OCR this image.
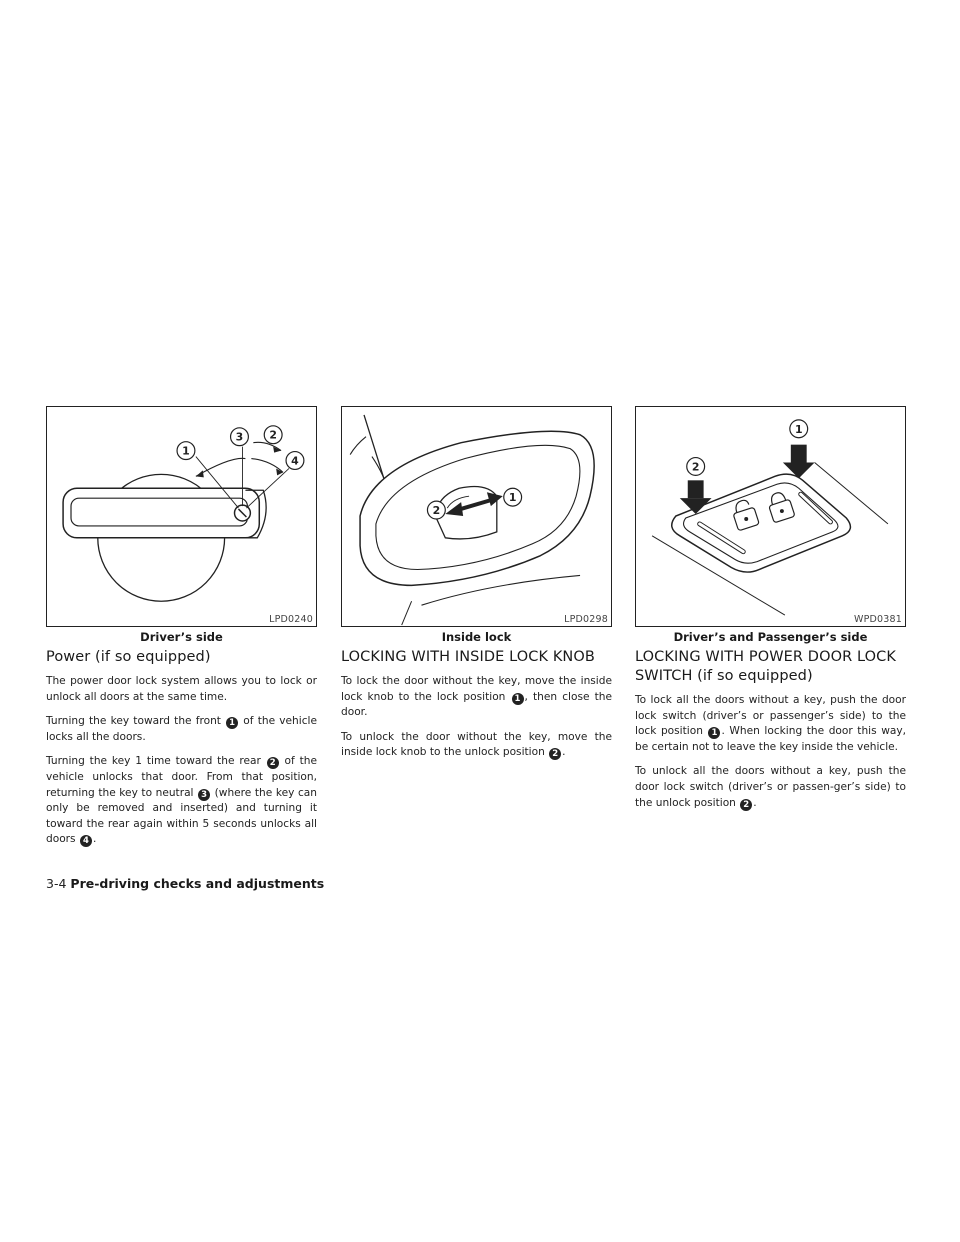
1
3 2
4
LPD0240
Driver’s side
Power (if so equipped)

The power door lock system allows you to lock or unlock all doors at the same time.

Turning the key toward the front 1 of the vehicle locks all the doors.

Turning the key 1 time toward the rear 2 of the vehicle unlocks that door. From that position, returning the key to neutral 3 (where the key can only be removed and inserted) and turning it toward the rear again within 5 seconds unlocks all doors 4 .

2
1
LPD0298
Inside lock
LOCKING WITH INSIDE LOCK KNOB

To lock the door without the key, move the inside lock knob to the lock position 1 , then close the door.

To unlock the door without the key, move the inside lock knob to the unlock position 2 .

1
2
WPD0381
Driver’s and Passenger’s side
LOCKING WITH POWER DOOR LOCK SWITCH (if so equipped)

To lock all the doors without a key, push the door lock switch (driver’s or passenger’s side) to the lock position 1 . When locking the door this way, be certain not to leave the key inside the vehicle.

To unlock all the doors without a key, push the door lock switch (driver’s or passen-ger’s side) to the unlock position 2 .

3-4 Pre-driving checks and adjustments
